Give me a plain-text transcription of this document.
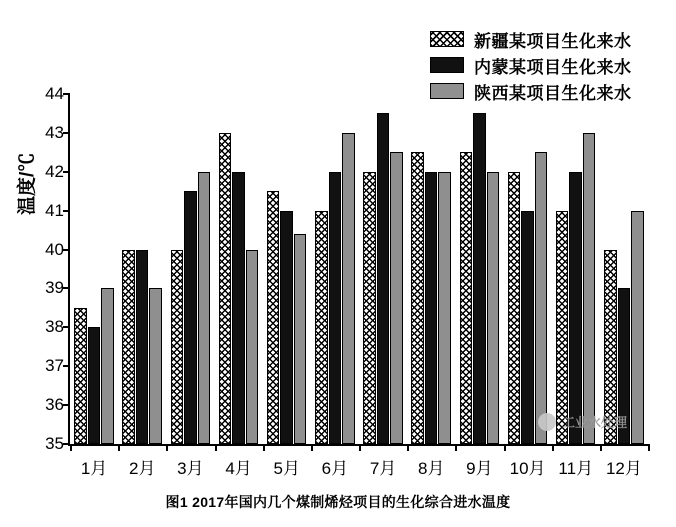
新疆某项目生化来水
内蒙某项目生化来水
陕西某项目生化来水
温度/℃
35
36
37
38
39
40
41
42
43
44
1月 2月 3月 4月 5月 6月 7月 8月 9月 10月 11月 12月
工业水处理
图1 2017年国内几个煤制烯烃项目的生化综合进水温度
